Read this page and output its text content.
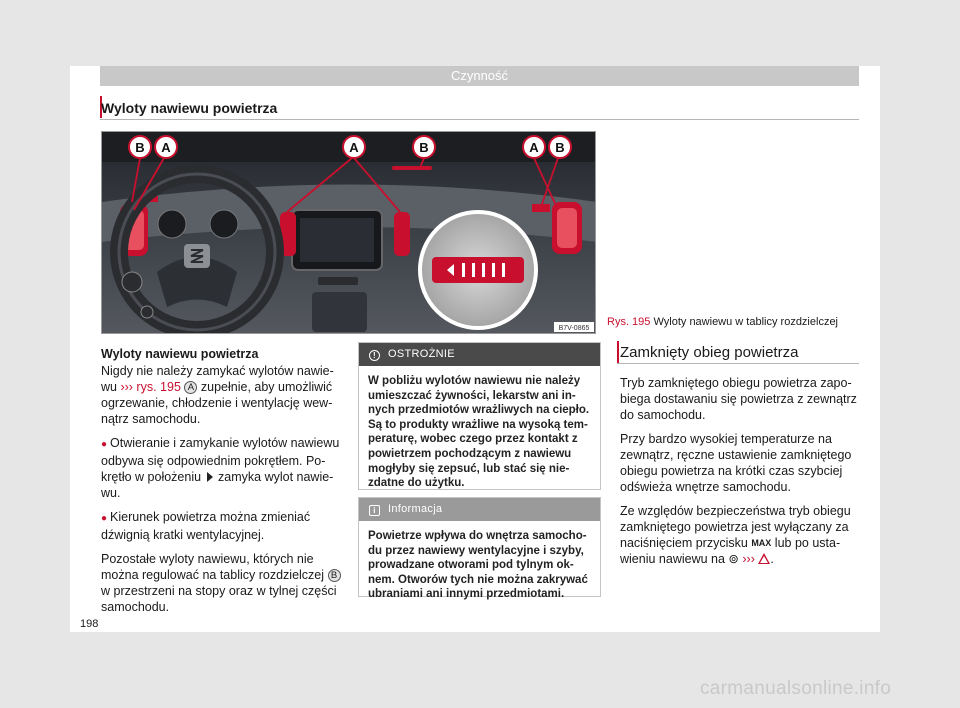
Czynność
Wyloty nawiewu powietrza
B A	A	B	A B
B7V-0865
Rys. 195 Wyloty nawiewu w tablicy rozdzielczej
Wyloty nawiewu powietrza

Nigdy nie należy zamykać wylotów nawie-wu ››› rys. 195 A zupełnie, aby umożliwić ogrzewanie, chłodzenie i wentylację wew-nątrz samochodu.

● Otwieranie i zamykanie wylotów nawiewu odbywa się odpowiednim pokrętłem. Po-krętło w położeniu zamyka wylot nawie-wu.

● Kierunek powietrza można zmieniać dźwignią kratki wentylacyjnej.

Pozostałe wyloty nawiewu, których nie można regulować na tablicy rozdzielczej B w przestrzeni na stopy oraz w tylnej części samochodu.

! OSTROŻNIE
W pobliżu wylotów nawiewu nie należy umieszczać żywności, lekarstw ani in-nych przedmiotów wrażliwych na ciepło. Są to produkty wrażliwe na wysoką tem-peraturę, wobec czego przez kontakt z powietrzem pochodzącym z nawiewu mogłyby się zepsuć, lub stać się nie-zdatne do użytku.
i Informacja
Powietrze wpływa do wnętrza samocho-du przez nawiewy wentylacyjne i szyby, prowadzane otworami pod tylnym ok-nem. Otworów tych nie można zakrywać ubraniami ani innymi przedmiotami.
Zamknięty obieg powietrza

Tryb zamkniętego obiegu powietrza zapo-biega dostawaniu się powietrza z zewnątrz do samochodu.

Przy bardzo wysokiej temperaturze na zewnątrz, ręczne ustawienie zamkniętego obiegu powietrza na krótki czas szybciej odświeża wnętrze samochodu.

Ze względów bezpieczeństwa tryb obiegu zamkniętego powietrza jest wyłączany za naciśnięciem przycisku MAX lub po usta-wieniu nawiewu na ⊚ ››› .

198
carmanualsonline.info
